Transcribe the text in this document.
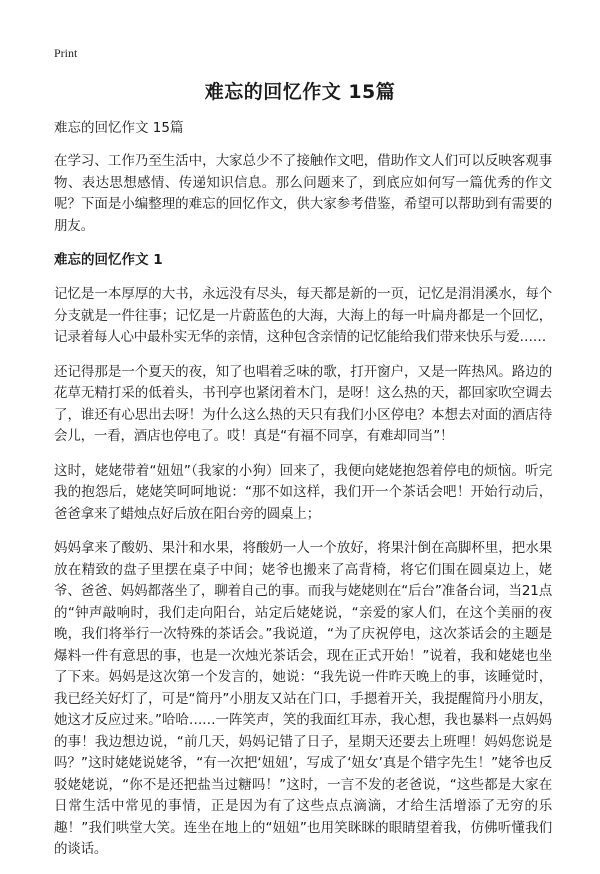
Print
难忘的回忆作文 15篇

难忘的回忆作文 15篇

在学习、工作乃至生活中，大家总少不了接触作文吧，借助作文人们可以反映客观事物、表达思想感情、传递知识信息。那么问题来了，到底应如何写一篇优秀的作文呢？下面是小编整理的难忘的回忆作文，供大家参考借鉴，希望可以帮助到有需要的朋友。

难忘的回忆作文 1

记忆是一本厚厚的大书，永远没有尽头，每天都是新的一页，记忆是涓涓溪水，每个分支就是一件往事；记忆是一片蔚蓝色的大海，大海上的每一叶扁舟都是一个回忆，记录着每人心中最朴实无华的亲情，这种包含亲情的记忆能给我们带来快乐与爱……

还记得那是一个夏天的夜，知了也唱着乏味的歌，打开窗户，又是一阵热风。路边的花草无精打采的低着头，书刊亭也紧闭着木门，是呀！这么热的天，都回家吹空调去了，谁还有心思出去呀！为什么这么热的天只有我们小区停电？本想去对面的酒店待会儿，一看，酒店也停电了。哎！真是“有福不同享，有难却同当”！

这时，姥姥带着“妞妞”（我家的小狗）回来了，我便向姥姥抱怨着停电的烦恼。听完我的抱怨后，姥姥笑呵呵地说：“那不如这样，我们开一个茶话会吧！开始行动后，爸爸拿来了蜡烛点好后放在阳台旁的圆桌上；

妈妈拿来了酸奶、果汁和水果，将酸奶一人一个放好，将果汁倒在高脚杯里，把水果放在精致的盘子里摆在桌子中间；姥爷也搬来了高背椅，将它们围在圆桌边上，姥爷、爸爸、妈妈都落坐了，聊着自己的事。而我与姥姥则在“后台”准备台词，当21点的“钟声敲响时，我们走向阳台，站定后姥姥说，“亲爱的家人们，在这个美丽的夜晚，我们将举行一次特殊的茶话会。”我说道，“为了庆祝停电，这次茶话会的主题是爆料一件有意思的事，也是一次烛光茶话会，现在正式开始！”说着，我和姥姥也坐了下来。妈妈是这次第一个发言的，她说：“我先说一件昨天晚上的事，该睡觉时，我已经关好灯了，可是“简丹”小朋友又站在门口，手摁着开关，我提醒简丹小朋友，她这才反应过来。”哈哈……一阵笑声，笑的我面红耳赤，我心想，我也暴料一点妈妈的事！我边想边说，“前几天，妈妈记错了日子，星期天还要去上班哩！妈妈您说是吗？”这时姥姥说姥爷，“有一次把‘妞妞’，写成了‘妞女’真是个错字先生！”姥爷也反驳姥姥说，“你不是还把盐当过糖吗！”这时，一言不发的老爸说，“这些都是大家在日常生活中常见的事情，正是因为有了这些点点滴滴，才给生活增添了无穷的乐趣！”我们哄堂大笑。连坐在地上的“妞妞”也用笑眯眯的眼睛望着我，仿佛听懂我们的谈话。
